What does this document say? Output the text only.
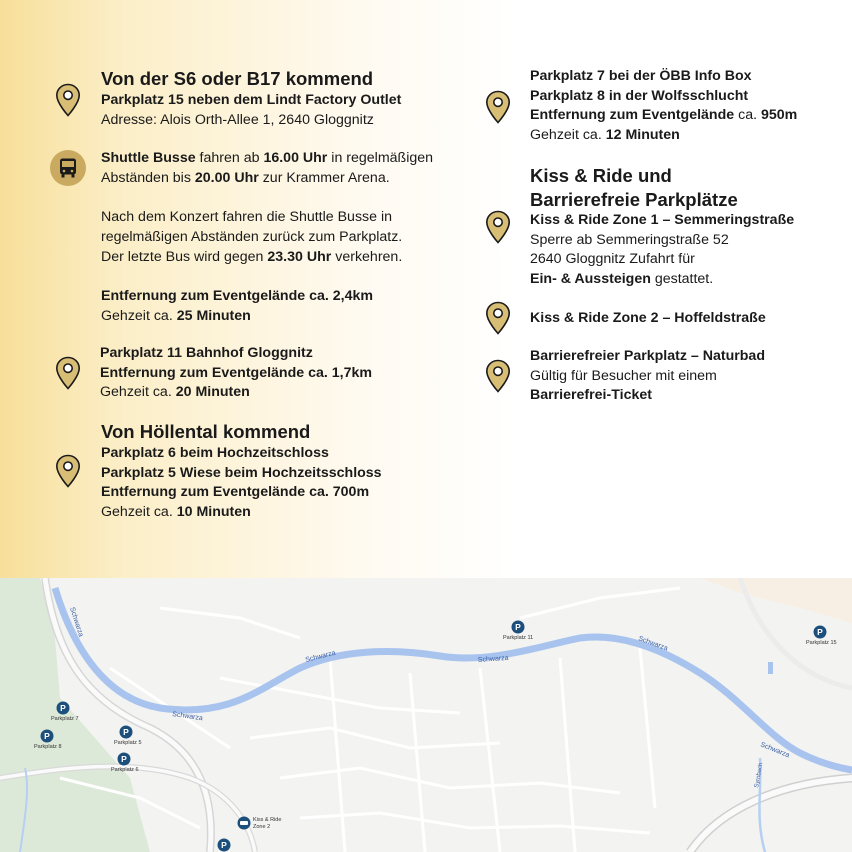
Von der S6 oder B17 kommend
Parkplatz 15 neben dem Lindt Factory Outlet
Adresse: Alois Orth-Allee 1, 2640 Gloggnitz
Shuttle Busse fahren ab 16.00 Uhr in regelmäßigen
Abständen bis 20.00 Uhr zur Krammer Arena.
Nach dem Konzert fahren die Shuttle Busse in
regelmäßigen Abständen zurück zum Parkplatz.
Der letzte Bus wird gegen 23.30 Uhr verkehren.
Entfernung zum Eventgelände ca. 2,4km
Gehzeit ca. 25 Minuten
Parkplatz 11 Bahnhof Gloggnitz
Entfernung zum Eventgelände ca. 1,7km
Gehzeit ca. 20 Minuten
Von Höllental kommend
Parkplatz 6 beim Hochzeitschloss
Parkplatz 5 Wiese beim Hochzeitsschloss
Entfernung zum Eventgelände ca. 700m
Gehzeit ca. 10 Minuten
Parkplatz 7 bei der ÖBB Info Box
Parkplatz 8 in der Wolfsschlucht
Entfernung zum Eventgelände ca. 950m
Gehzeit ca. 12 Minuten
Kiss & Ride und
Barrierefreie Parkplätze
Kiss & Ride Zone 1 – Semmeringstraße
Sperre ab Semmeringstraße 52
2640 Gloggnitz Zufahrt für
Ein- & Aussteigen gestattet.
Kiss & Ride Zone 2 – Hoffeldstraße
Barrierefreier Parkplatz – Naturbad
Gültig für Besucher mit einem
Barrierefrei-Ticket
Schwarza
Schwarza
Schwarza	Schwarza
Schwarza
Schwarza
Syrnbach
P
Parkplatz 7
P
Parkplatz 8
P
Parkplatz 5
P
Parkplatz 6
P
Parkplatz 11
P
Parkplatz 15
Kiss & Ride
Zone 2
P
